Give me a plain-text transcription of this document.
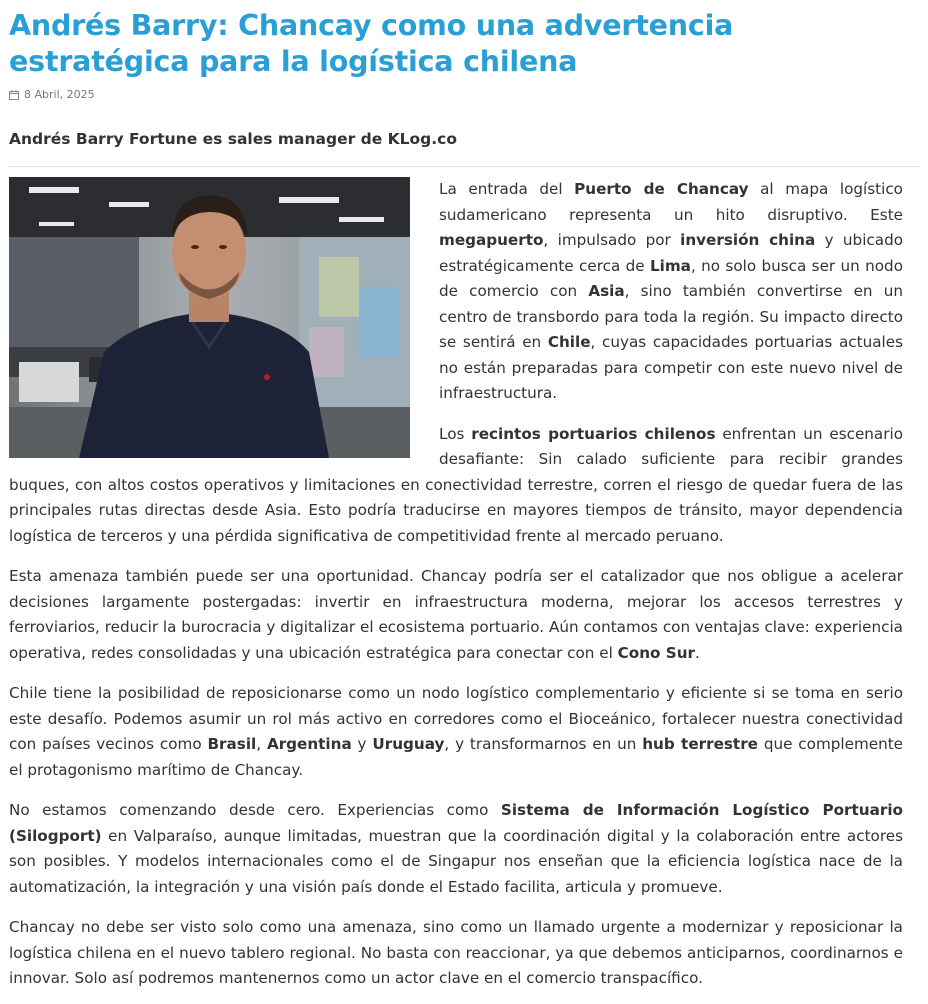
Andrés Barry: Chancay como una advertencia estratégica para la logística chilena
8 Abril, 2025
Andrés Barry Fortune es sales manager de KLog.co

La entrada del Puerto de Chancay al mapa logístico sudamericano representa un hito disruptivo. Este megapuerto, impulsado por inversión china y ubicado estratégicamente cerca de Lima, no solo busca ser un nodo de comercio con Asia, sino también convertirse en un centro de transbordo para toda la región. Su impacto directo se sentirá en Chile, cuyas capacidades portuarias actuales no están preparadas para competir con este nuevo nivel de infraestructura.

Los recintos portuarios chilenos enfrentan un escenario desafiante: Sin calado suficiente para recibir grandes buques, con altos costos operativos y limitaciones en conectividad terrestre, corren el riesgo de quedar fuera de las principales rutas directas desde Asia. Esto podría traducirse en mayores tiempos de tránsito, mayor dependencia logística de terceros y una pérdida significativa de competitividad frente al mercado peruano.

Esta amenaza también puede ser una oportunidad. Chancay podría ser el catalizador que nos obligue a acelerar decisiones largamente postergadas: invertir en infraestructura moderna, mejorar los accesos terrestres y ferroviarios, reducir la burocracia y digitalizar el ecosistema portuario. Aún contamos con ventajas clave: experiencia operativa, redes consolidadas y una ubicación estratégica para conectar con el Cono Sur.

Chile tiene la posibilidad de reposicionarse como un nodo logístico complementario y eficiente si se toma en serio este desafío. Podemos asumir un rol más activo en corredores como el Bioceánico, fortalecer nuestra conectividad con países vecinos como Brasil, Argentina y Uruguay, y transformarnos en un hub terrestre que complemente el protagonismo marítimo de Chancay.

No estamos comenzando desde cero. Experiencias como Sistema de Información Logístico Portuario (Silogport) en Valparaíso, aunque limitadas, muestran que la coordinación digital y la colaboración entre actores son posibles. Y modelos internacionales como el de Singapur nos enseñan que la eficiencia logística nace de la automatización, la integración y una visión país donde el Estado facilita, articula y promueve.

Chancay no debe ser visto solo como una amenaza, sino como un llamado urgente a modernizar y reposicionar la logística chilena en el nuevo tablero regional. No basta con reaccionar, ya que debemos anticiparnos, coordinarnos e innovar. Solo así podremos mantenernos como un actor clave en el comercio transpacífico.
